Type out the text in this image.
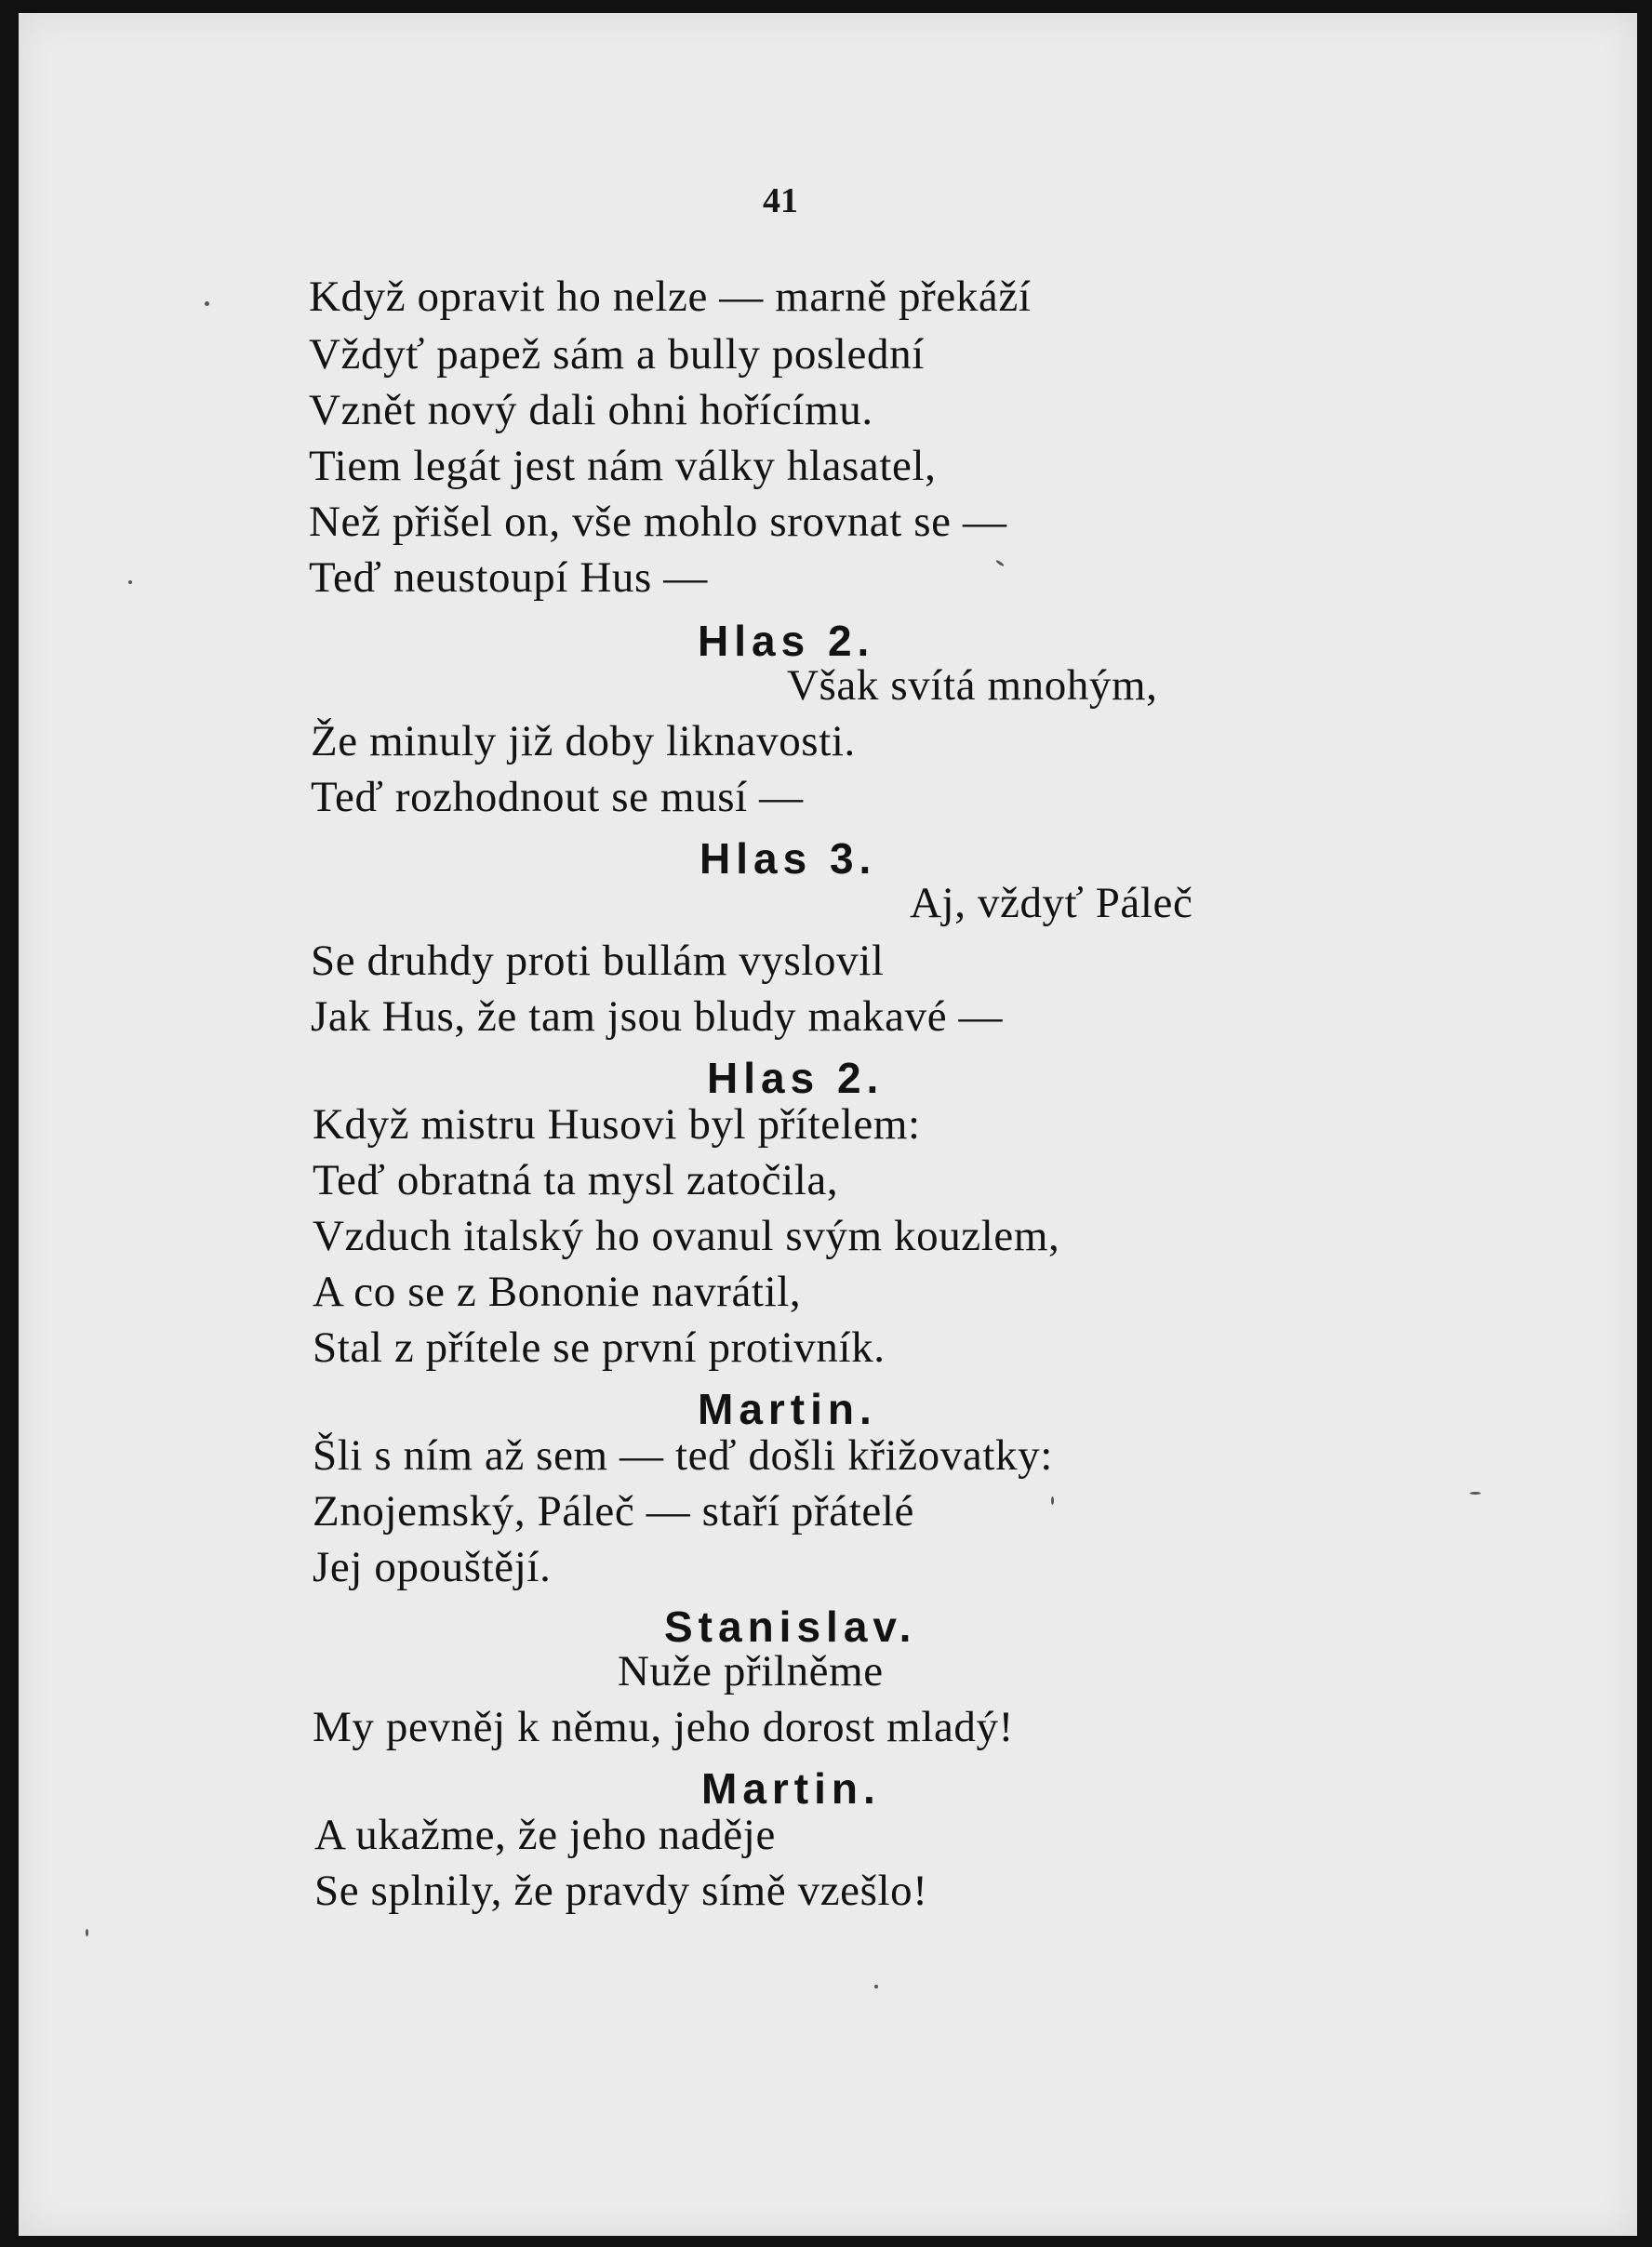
41
Když opravit ho nelze — marně překáží
Vždyť papež sám a bully poslední
Vznět nový dali ohni hořícímu.
Tiem legát jest nám války hlasatel,
Než přišel on, vše mohlo srovnat se —
Teď neustoupí Hus —
Hlas 2.
Však svítá mnohým,
Že minuly již doby liknavosti.
Teď rozhodnout se musí —
Hlas 3.
Aj, vždyť Páleč
Se druhdy proti bullám vyslovil
Jak Hus, že tam jsou bludy makavé —
Hlas 2.
Když mistru Husovi byl přítelem:
Teď obratná ta mysl zatočila,
Vzduch italský ho ovanul svým kouzlem,
A co se z Bononie navrátil,
Stal z přítele se první protivník.
Martin.
Šli s ním až sem — teď došli křižovatky:
Znojemský, Páleč — staří přátelé
Jej opouštějí.
Stanislav.
Nuže přilněme
My pevněj k němu, jeho dorost mladý!
Martin.
A ukažme, že jeho naděje
Se splnily, že pravdy símě vzešlo!
